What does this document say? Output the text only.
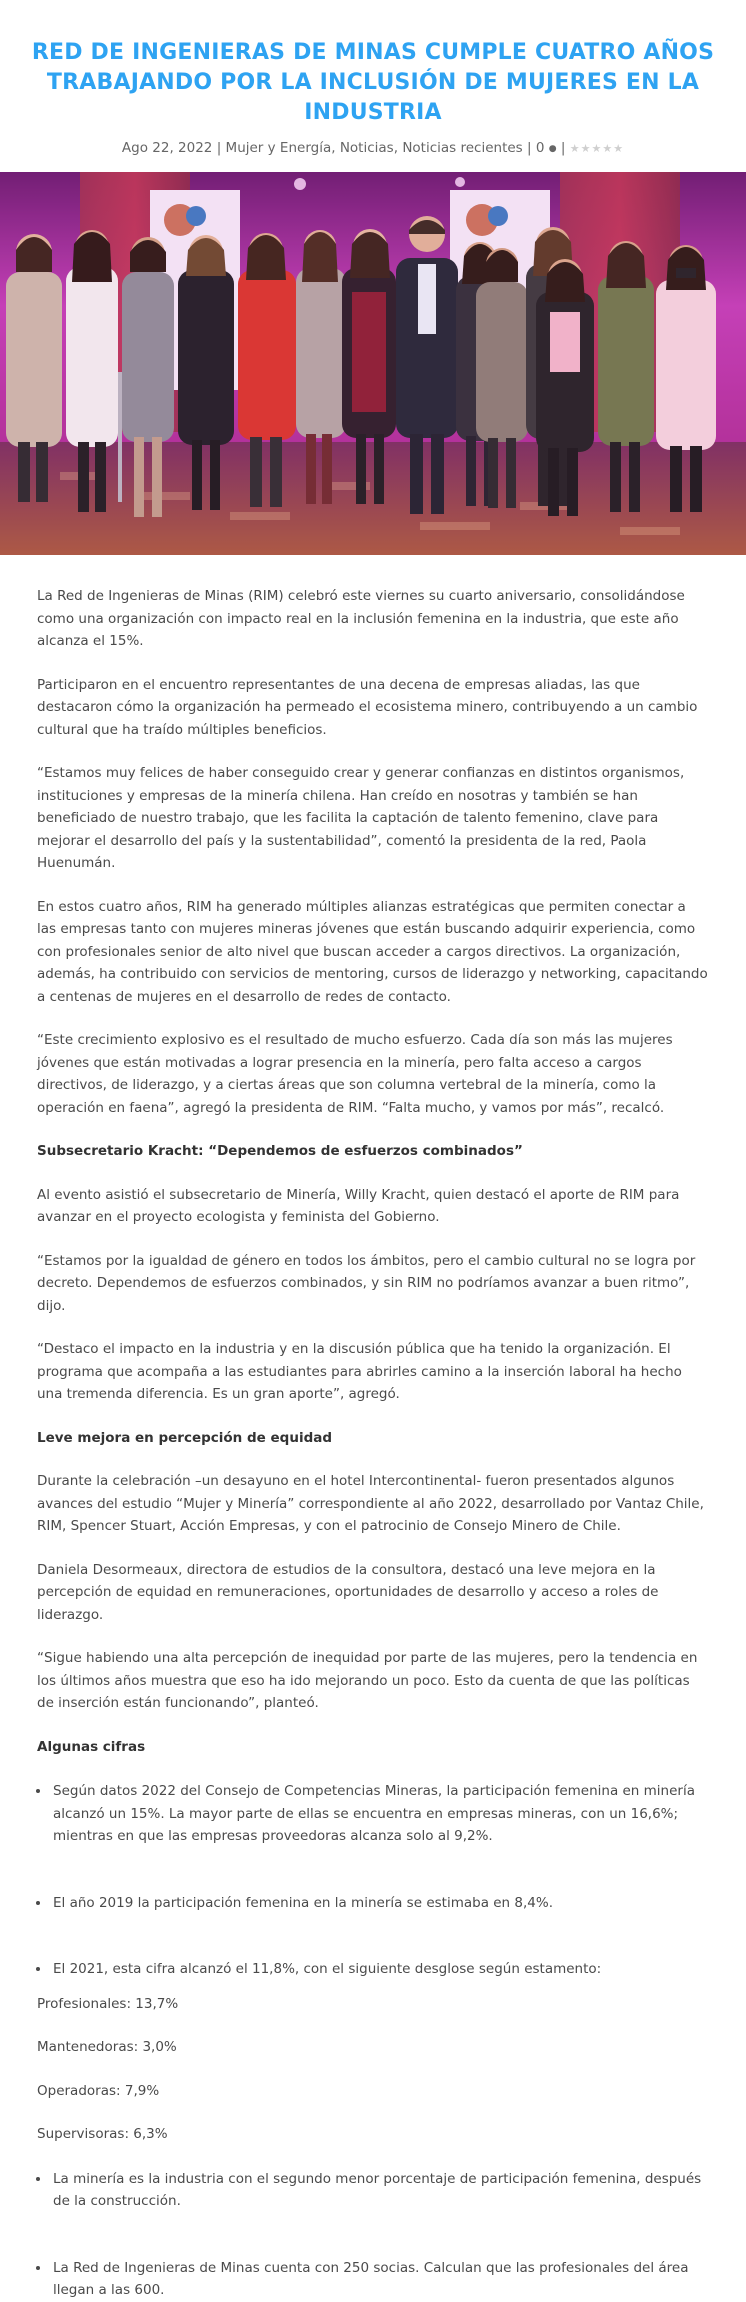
RED DE INGENIERAS DE MINAS CUMPLE CUATRO AÑOS TRABAJANDO POR LA INCLUSIÓN DE MUJERES EN LA INDUSTRIA
Ago 22, 2022 | Mujer y Energía, Noticias, Noticias recientes | 0 ● | ★★★★★

La Red de Ingenieras de Minas (RIM) celebró este viernes su cuarto aniversario, consolidándose como una organización con impacto real en la inclusión femenina en la industria, que este año alcanza el 15%.

Participaron en el encuentro representantes de una decena de empresas aliadas, las que destacaron cómo la organización ha permeado el ecosistema minero, contribuyendo a un cambio cultural que ha traído múltiples beneficios.

“Estamos muy felices de haber conseguido crear y generar confianzas en distintos organismos, instituciones y empresas de la minería chilena. Han creído en nosotras y también se han beneficiado de nuestro trabajo, que les facilita la captación de talento femenino, clave para mejorar el desarrollo del país y la sustentabilidad”, comentó la presidenta de la red, Paola Huenumán.

En estos cuatro años, RIM ha generado múltiples alianzas estratégicas que permiten conectar a las empresas tanto con mujeres mineras jóvenes que están buscando adquirir experiencia, como con profesionales senior de alto nivel que buscan acceder a cargos directivos. La organización, además, ha contribuido con servicios de mentoring, cursos de liderazgo y networking, capacitando a centenas de mujeres en el desarrollo de redes de contacto.

“Este crecimiento explosivo es el resultado de mucho esfuerzo. Cada día son más las mujeres jóvenes que están motivadas a lograr presencia en la minería, pero falta acceso a cargos directivos, de liderazgo, y a ciertas áreas que son columna vertebral de la minería, como la operación en faena”, agregó la presidenta de RIM. “Falta mucho, y vamos por más”, recalcó.

Subsecretario Kracht: “Dependemos de esfuerzos combinados”

Al evento asistió el subsecretario de Minería, Willy Kracht, quien destacó el aporte de RIM para avanzar en el proyecto ecologista y feminista del Gobierno.

“Estamos por la igualdad de género en todos los ámbitos, pero el cambio cultural no se logra por decreto. Dependemos de esfuerzos combinados, y sin RIM no podríamos avanzar a buen ritmo”, dijo.

“Destaco el impacto en la industria y en la discusión pública que ha tenido la organización. El programa que acompaña a las estudiantes para abrirles camino a la inserción laboral ha hecho una tremenda diferencia. Es un gran aporte”, agregó.

Leve mejora en percepción de equidad

Durante la celebración –un desayuno en el hotel Intercontinental- fueron presentados algunos avances del estudio “Mujer y Minería” correspondiente al año 2022, desarrollado por Vantaz Chile, RIM, Spencer Stuart, Acción Empresas, y con el patrocinio de Consejo Minero de Chile.

Daniela Desormeaux, directora de estudios de la consultora, destacó una leve mejora en la percepción de equidad en remuneraciones, oportunidades de desarrollo y acceso a roles de liderazgo.

“Sigue habiendo una alta percepción de inequidad por parte de las mujeres, pero la tendencia en los últimos años muestra que eso ha ido mejorando un poco. Esto da cuenta de que las políticas de inserción están funcionando”, planteó.

Algunas cifras
• Según datos 2022 del Consejo de Competencias Mineras, la participación femenina en minería alcanzó un 15%. La mayor parte de ellas se encuentra en empresas mineras, con un 16,6%; mientras en que las empresas proveedoras alcanza solo al 9,2%.
• El año 2019 la participación femenina en la minería se estimaba en 8,4%.
• El 2021, esta cifra alcanzó el 11,8%, con el siguiente desglose según estamento:

Profesionales: 13,7%

Mantenedoras: 3,0%

Operadoras: 7,9%

Supervisoras: 6,3%

• La minería es la industria con el segundo menor porcentaje de participación femenina, después de la construcción.
• La Red de Ingenieras de Minas cuenta con 250 socias. Calculan que las profesionales del área llegan a las 600.
